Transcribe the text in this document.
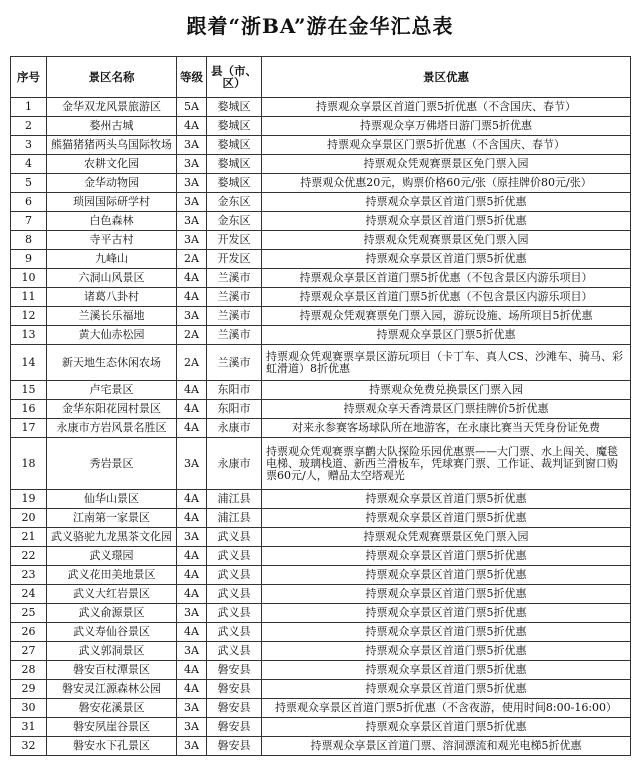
跟着“浙BA”游在金华汇总表
序号	景区名称	等级	县（市、区）	景区优惠
1	金华双龙风景旅游区	5A	婺城区	持票观众享景区首道门票5折优惠（不含国庆、春节）
2	婺州古城	4A	婺城区	持票观众享万佛塔日游门票5折优惠
3	熊猫猪猪两头乌国际牧场	3A	婺城区	持票观众享景区门票5折优惠（不含国庆、春节）
4	农耕文化园	3A	婺城区	持票观众凭观赛票景区免门票入园
5	金华动物园	3A	婺城区	持票观众优惠20元，购票价格60元/张（原挂牌价80元/张）
6	琐园国际研学村	3A	金东区	持票观众享景区首道门票5折优惠
7	白色森林	3A	金东区	持票观众享景区首道门票5折优惠
8	寺平古村	3A	开发区	持票观众凭观赛票景区免门票入园
9	九峰山	2A	开发区	持票观众享景区首道门票5折优惠
10	六洞山风景区	4A	兰溪市	持票观众享景区首道门票5折优惠（不包含景区内游乐项目）
11	诸葛八卦村	4A	兰溪市	持票观众享景区首道门票5折优惠（不包含景区内游乐项目）
12	兰溪长乐福地	3A	兰溪市	持票观众凭观赛票免门票入园，游玩设施、场所项目5折优惠
13	黄大仙赤松园	2A	兰溪市	持票观众享景区门票5折优惠
14	新天地生态休闲农场	2A	兰溪市	持票观众凭观赛票享景区游玩项目（卡丁车、真人CS、沙滩车、骑马、彩虹滑道）8折优惠
15	卢宅景区	4A	东阳市	持票观众免费兑换景区门票入园
16	金华东阳花园村景区	4A	东阳市	持票观众享天香湾景区门票挂牌价5折优惠
17	永康市方岩风景名胜区	4A	永康市	对来永参赛客场球队所在地游客，在永康比赛当天凭身份证免费
18	秀岩景区	3A	永康市	持票观众凭观赛票享鹳大队探险乐园优惠票——大门票、水上闯关、魔毯电梯、玻璃栈道、新西兰滑板车，凭球赛门票、工作证、裁判证到窗口购票60元/人，赠品太空塔观光
19	仙华山景区	4A	浦江县	持票观众享景区首道门票5折优惠
20	江南第一家景区	4A	浦江县	持票观众享景区首道门票5折优惠
21	武义骆驼九龙黑茶文化园	3A	武义县	持票观众凭观赛票景区免门票入园
22	武义璟园	4A	武义县	持票观众享景区首道门票5折优惠
23	武义花田美地景区	4A	武义县	持票观众享景区首道门票5折优惠
24	武义大红岩景区	4A	武义县	持票观众享景区首道门票5折优惠
25	武义俞源景区	3A	武义县	持票观众享景区首道门票5折优惠
26	武义寿仙谷景区	4A	武义县	持票观众享景区首道门票5折优惠
27	武义郭洞景区	3A	武义县	持票观众享景区首道门票5折优惠
28	磐安百杖潭景区	4A	磐安县	持票观众享景区首道门票5折优惠
29	磐安灵江源森林公园	4A	磐安县	持票观众享景区首道门票5折优惠
30	磐安花溪景区	3A	磐安县	持票观众享景区首道门票5折优惠（不含夜游，使用时间8:00-16:00）
31	磐安夙崖谷景区	3A	磐安县	持票观众享景区首道门票5折优惠
32	磐安水下孔景区	3A	磐安县	持票观众享景区首道门票、溶洞漂流和观光电梯5折优惠
